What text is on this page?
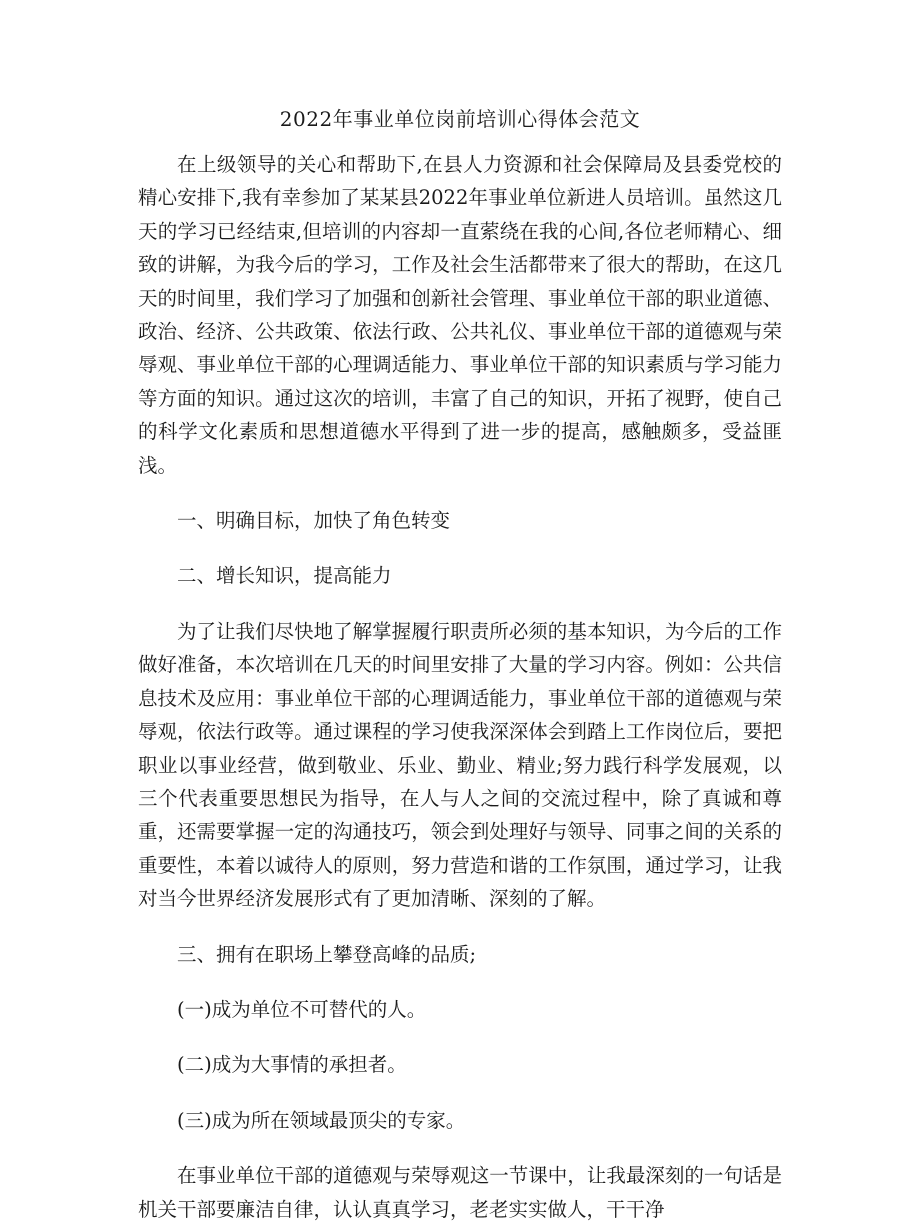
2022年事业单位岗前培训心得体会范文

在上级领导的关心和帮助下,在县人力资源和社会保障局及县委党校的精心安排下,我有幸参加了某某县2022年事业单位新进人员培训。虽然这几天的学习已经结束,但培训的内容却一直萦绕在我的心间,各位老师精心、细致的讲解，为我今后的学习，工作及社会生活都带来了很大的帮助，在这几天的时间里，我们学习了加强和创新社会管理、事业单位干部的职业道德、政治、经济、公共政策、依法行政、公共礼仪、事业单位干部的道德观与荣辱观、事业单位干部的心理调适能力、事业单位干部的知识素质与学习能力等方面的知识。通过这次的培训，丰富了自己的知识，开拓了视野，使自己的科学文化素质和思想道德水平得到了进一步的提高，感触颇多，受益匪浅。

一、明确目标，加快了角色转变

二、增长知识，提高能力

为了让我们尽快地了解掌握履行职责所必须的基本知识，为今后的工作做好准备，本次培训在几天的时间里安排了大量的学习内容。例如：公共信息技术及应用：事业单位干部的心理调适能力，事业单位干部的道德观与荣辱观，依法行政等。通过课程的学习使我深深体会到踏上工作岗位后，要把职业以事业经营，做到敬业、乐业、勤业、精业;努力践行科学发展观，以三个代表重要思想民为指导，在人与人之间的交流过程中，除了真诚和尊重，还需要掌握一定的沟通技巧，领会到处理好与领导、同事之间的关系的重要性，本着以诚待人的原则，努力营造和谐的工作氛围，通过学习，让我对当今世界经济发展形式有了更加清晰、深刻的了解。

三、拥有在职场上攀登高峰的品质;

(一)成为单位不可替代的人。

(二)成为大事情的承担者。

(三)成为所在领域最顶尖的专家。

在事业单位干部的道德观与荣辱观这一节课中，让我最深刻的一句话是机关干部要廉洁自律，认认真真学习，老老实实做人，干干净
